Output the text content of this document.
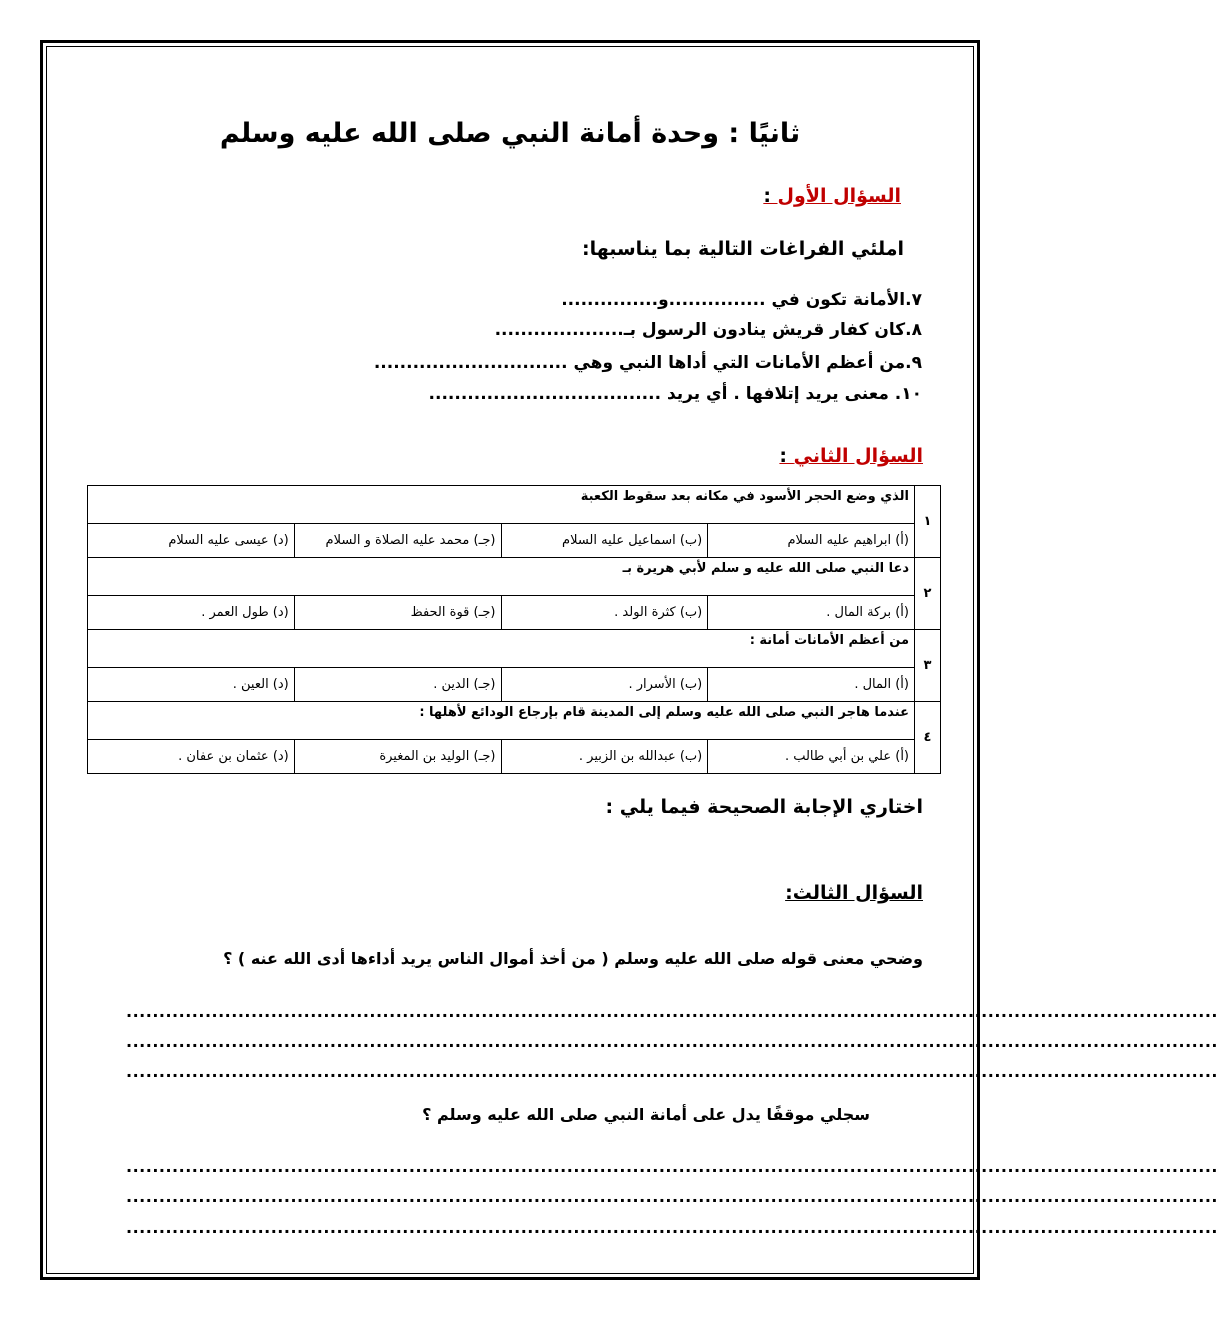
ثانيًا : وحدة أمانة النبي صلى الله عليه وسلم
السؤال الأول :
املئي الفراغات التالية بما يناسبها:
٧.الأمانة تكون في ...............و...............
٨.كان كفار قريش ينادون الرسول بـ....................
٩.من أعظم الأمانات التي أداها النبي وهي ..............................
١٠. معنى يريد إتلافها . أي يريد ....................................
السؤال الثاني :
١	الذي وضع الحجر الأسود في مكانه بعد سقوط الكعبة			
	(أ) ابراهيم عليه السلام	(ب) اسماعيل عليه السلام	(جـ) محمد عليه الصلاة و السلام	(د) عيسى عليه السلام
٢	دعا النبي صلى الله عليه و سلم لأبي هريرة بـ			
	(أ) بركة المال .	(ب) كثرة الولد .	(جـ) قوة الحفظ	(د) طول العمر .
٣	من أعظم الأمانات أمانة :			
	(أ) المال .	(ب) الأسرار .	(جـ) الدين .	(د) العين .
٤	عندما هاجر النبي صلى الله عليه وسلم إلى المدينة قام بإرجاع الودائع لأهلها :			
	(أ) علي بن أبي طالب .	(ب) عبدالله بن الزبير .	(جـ) الوليد بن المغيرة	(د) عثمان بن عفان .
اختاري الإجابة الصحيحة فيما يلي :
السؤال الثالث:
وضحي معنى قوله صلى الله عليه وسلم ( من أخذ أموال الناس يريد أداءها أدى الله عنه ) ؟
......................................................................................................................................................................
......................................................................................................................................................................
......................................................................................................................................................................
سجلي موقفًا يدل على أمانة النبي صلى الله عليه وسلم ؟
......................................................................................................................................................................
......................................................................................................................................................................
......................................................................................................................................................................
